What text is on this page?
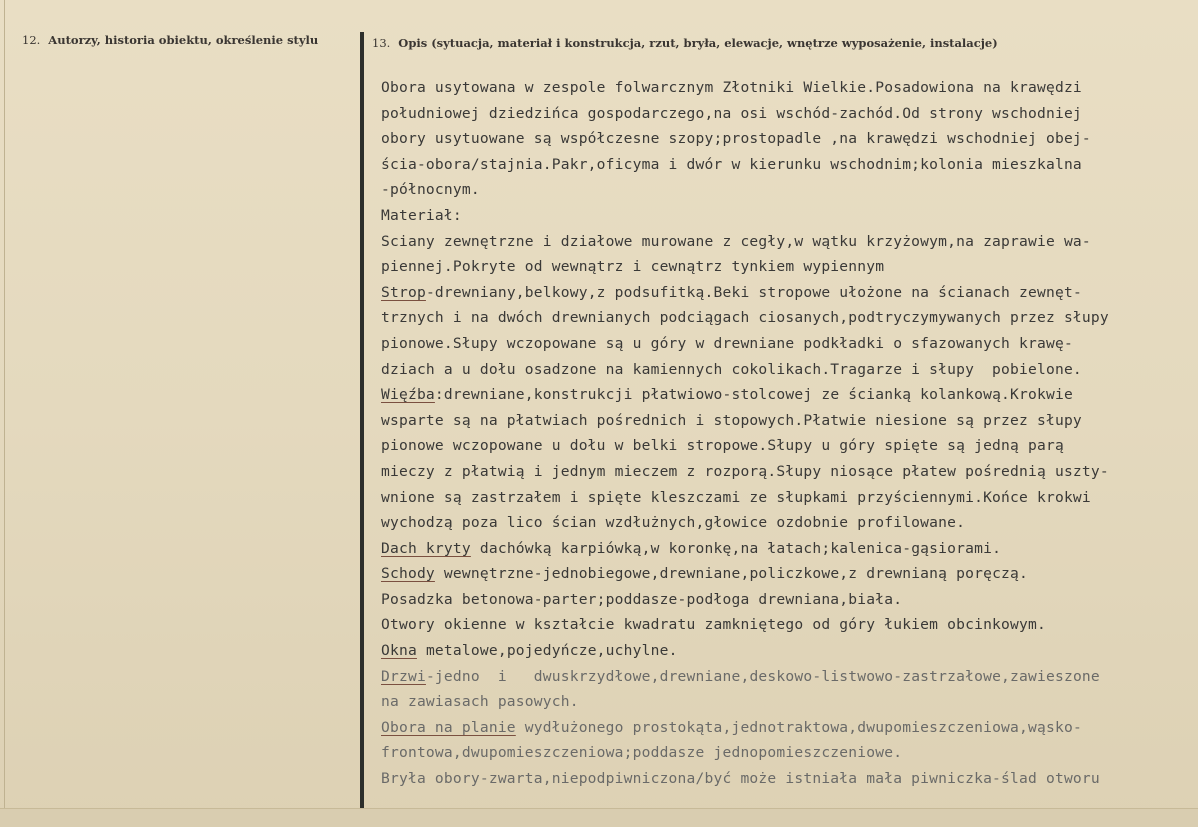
12. Autorzy, historia obiektu, określenie stylu	13. Opis (sytuacja, materiał i konstrukcja, rzut, bryła, elewacje, wnętrze wyposażenie, instalacje)
Obora usytowana w zespole folwarcznym Złotniki Wielkie.Posadowiona na krawędzi
południowej dziedzińca gospodarczego,na osi wschód-zachód.Od strony wschodniej
obory usytuowane są współczesne szopy;prostopadle ,na krawędzi wschodniej obej-
ścia-obora/stajnia.Pakr,oficyma i dwór w kierunku wschodnim;kolonia mieszkalna
-północnym.
Materiał:
Sciany zewnętrzne i działowe murowane z cegły,w wątku krzyżowym,na zaprawie wa-
piennej.Pokryte od wewnątrz i cewnątrz tynkiem wypiennym
Strop-drewniany,belkowy,z podsufitką.Beki stropowe ułożone na ścianach zewnęt-
trznych i na dwóch drewnianych podciągach ciosanych,podtryczymywanych przez słupy
pionowe.Słupy wczopowane są u góry w drewniane podkładki o sfazowanych krawę-
dziach a u dołu osadzone na kamiennych cokolikach.Tragarze i słupy  pobielone.
Więźba:drewniane,konstrukcji płatwiowo-stolcowej ze ścianką kolankową.Krokwie
wsparte są na płatwiach pośrednich i stopowych.Płatwie niesione są przez słupy
pionowe wczopowane u dołu w belki stropowe.Słupy u góry spięte są jedną parą
mieczy z płatwią i jednym mieczem z rozporą.Słupy niosące płatew pośrednią uszty-
wnione są zastrzałem i spięte kleszczami ze słupkami przyściennymi.Końce krokwi
wychodzą poza lico ścian wzdłużnych,głowice ozdobnie profilowane.
Dach kryty dachówką karpiówką,w koronkę,na łatach;kalenica-gąsiorami.
Schody wewnętrzne-jednobiegowe,drewniane,policzkowe,z drewnianą poręczą.
Posadzka betonowa-parter;poddasze-podłoga drewniana,biała.
Otwory okienne w kształcie kwadratu zamkniętego od góry łukiem obcinkowym.
Okna metalowe,pojedyńcze,uchylne.
Drzwi-jedno  i   dwuskrzydłowe,drewniane,deskowo-listwowo-zastrzałowe,zawieszone
na zawiasach pasowych.
Obora na planie wydłużonego prostokąta,jednotraktowa,dwupomieszczeniowa,wąsko-
frontowa,dwupomieszczeniowa;poddasze jednopomieszczeniowe.
Bryła obory-zwarta,niepodpiwniczona/być może istniała mała piwniczka-ślad otworu
